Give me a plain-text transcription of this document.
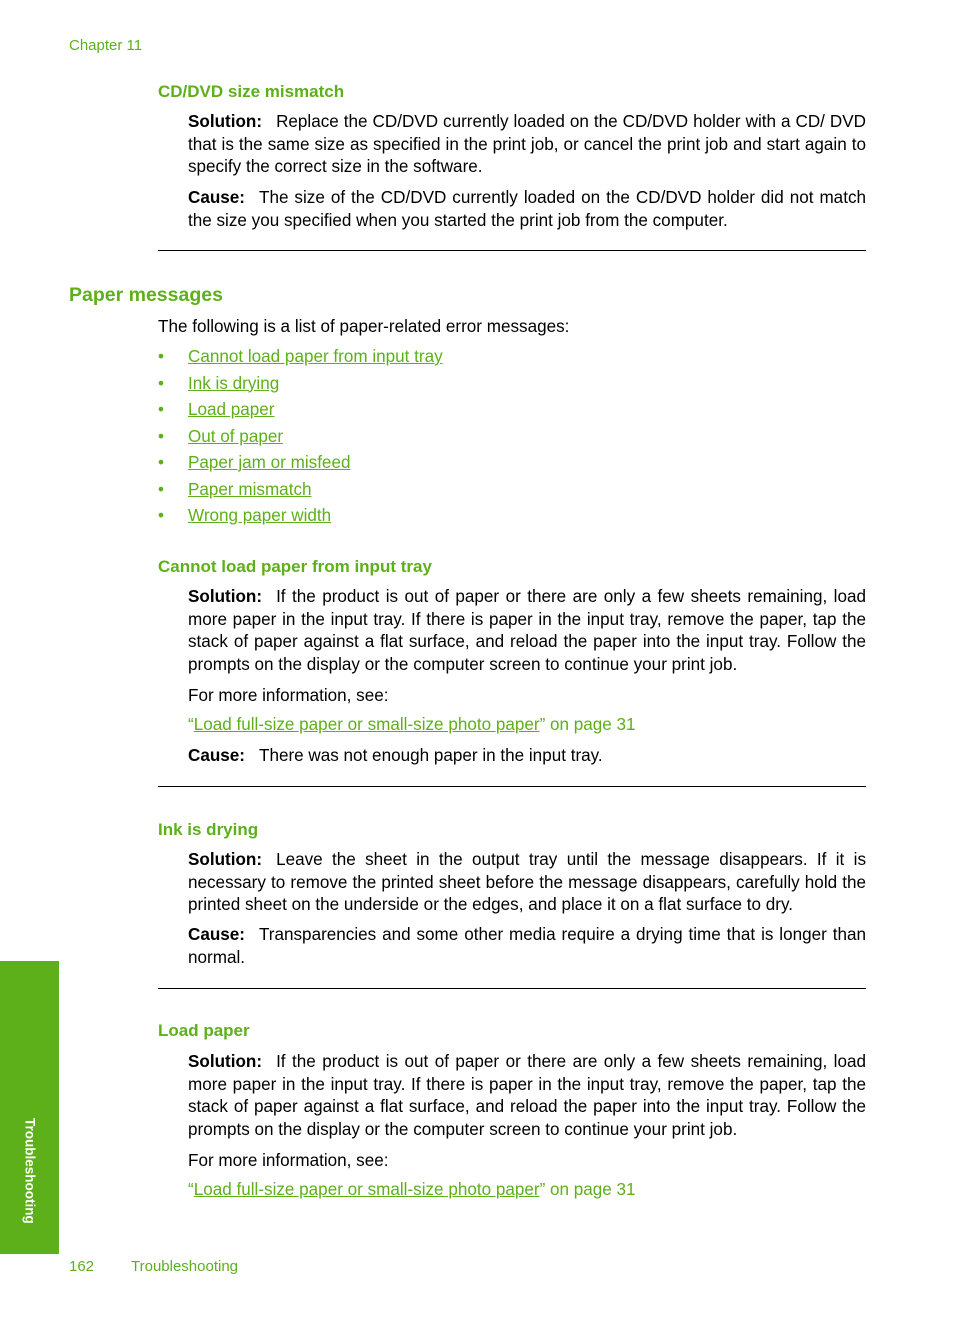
Chapter 11
CD/DVD size mismatch
Solution: Replace the CD/DVD currently loaded on the CD/DVD holder with a CD/ DVD that is the same size as specified in the print job, or cancel the print job and start again to specify the correct size in the software.
Cause: The size of the CD/DVD currently loaded on the CD/DVD holder did not match the size you specified when you started the print job from the computer.
Paper messages
The following is a list of paper-related error messages:
•	Cannot load paper from input tray
•	Ink is drying
•	Load paper
•	Out of paper
•	Paper jam or misfeed
•	Paper mismatch
•	Wrong paper width
Cannot load paper from input tray
Solution: If the product is out of paper or there are only a few sheets remaining, load more paper in the input tray. If there is paper in the input tray, remove the paper, tap the stack of paper against a flat surface, and reload the paper into the input tray. Follow the prompts on the display or the computer screen to continue your print job.
For more information, see:
“Load full-size paper or small-size photo paper” on page 31
Cause: There was not enough paper in the input tray.
Ink is drying
Solution: Leave the sheet in the output tray until the message disappears. If it is necessary to remove the printed sheet before the message disappears, carefully hold the printed sheet on the underside or the edges, and place it on a flat surface to dry.
Cause: Transparencies and some other media require a drying time that is longer than normal.
Load paper
Solution: If the product is out of paper or there are only a few sheets remaining, load more paper in the input tray. If there is paper in the input tray, remove the paper, tap the stack of paper against a flat surface, and reload the paper into the input tray. Follow the prompts on the display or the computer screen to continue your print job.
For more information, see:
“Load full-size paper or small-size photo paper” on page 31
Troubleshooting
162 Troubleshooting
